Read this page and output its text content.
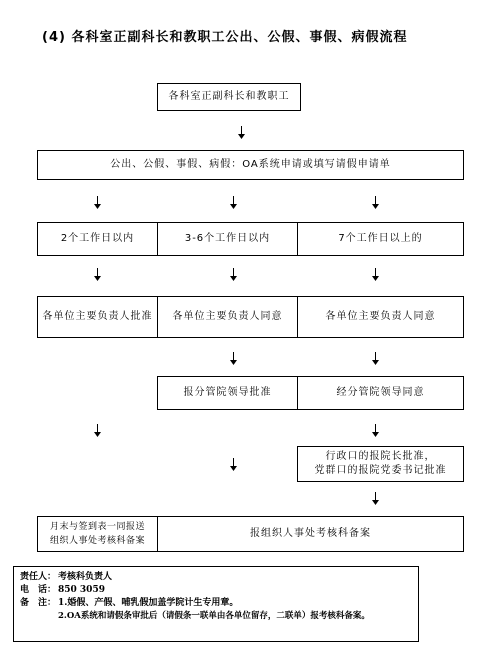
(4) 各科室正副科长和教职工公出、公假、事假、病假流程
各科室正副科长和教职工
公出、公假、事假、病假：OA系统申请或填写请假申请单
2个工作日以内	3-6个工作日以内	7个工作日以上的
各单位主要负责人批准 各单位主要负责人同意	各单位主要负责人同意
报分管院领导批准	经分管院领导同意
行政口的报院长批准，
党群口的报院党委书记批准
月末与签到表一同报送
组织人事处考核科备案
报组织人事处考核科备案
责任人： 考核科负责人
电　话： 850 3059
备　注： 1.婚假、产假、哺乳假加盖学院计生专用章。
2.OA系统和请假条审批后（请假条一联单由各单位留存，二联单）报考核科备案。
